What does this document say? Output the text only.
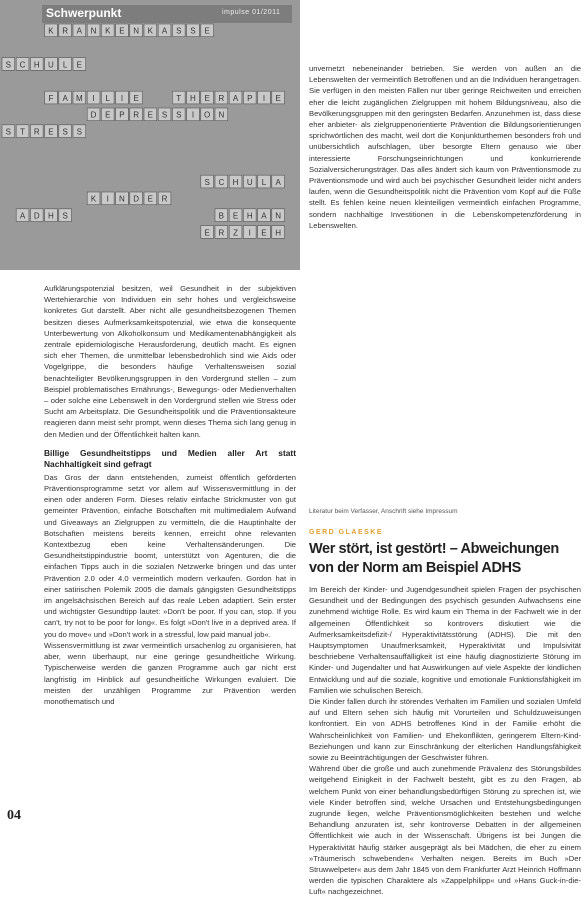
K R A N K E N K A S S E
S C H U L E
F A M I L I E	T H E R A P I E
D E P R E S S I O N
S T R E S S
S C H U L A
K I N D E R
A D H S
E R Z I E H
B E H A N
Schwerpunkt	impulse 01/2011

Aufklärungspotenzial besitzen, weil Gesundheit in der subjektiven Wertehierarchie von Individuen ein sehr hohes und vergleichsweise konkretes Gut darstellt. Aber nicht alle gesundheitsbezogenen Themen besitzen dieses Aufmerksamkeitspotenzial, wie etwa die konsequente Unterbewertung von Alkoholkonsum und Medikamentenabhängigkeit als zentrale epidemiologische Herausforderung, deutlich macht. Es eignen sich eher Themen, die unmittelbar lebensbedrohlich sind wie Aids oder Vogelgrippe, die besonders häufige Verhaltensweisen sozial benachteiligter Bevölkerungsgruppen in den Vordergrund stellen – zum Beispiel problematisches Ernährungs-, Bewegungs- oder Medienverhalten – oder solche eine Lebenswelt in den Vordergrund stellen wie Stress oder Sucht am Arbeitsplatz. Die Gesundheitspolitik und die Präventionsakteure reagieren dann meist sehr prompt, wenn dieses Thema sich lang genug in den Medien und der Öffentlichkeit halten kann.

Billige Gesundheitstipps und Medien aller Art statt Nachhaltigkeit sind gefragt

Das Gros der dann entstehenden, zumeist öffentlich geförderten Präventionsprogramme setzt vor allem auf Wissensvermittlung in der einen oder anderen Form. Dieses relativ einfache Strickmuster von gut gemeinter Prävention, einfache Botschaften mit multimedialem Aufwand und Giveaways an Zielgruppen zu vermitteln, die die Hauptinhalte der Botschaften meistens bereits kennen, erreicht ohne relevanten Kontextbezug eben keine Verhaltensänderungen. Die Gesundheitstippindustrie boomt, unterstützt von Agenturen, die die einfachen Tipps auch in die sozialen Netzwerke bringen und das unter Prävention 2.0 oder 4.0 vermeintlich modern verkaufen. Gordon hat in einer satirischen Polemik 2005 die damals gängigsten Gesundheitstipps im angelsächsischen Bereich auf das reale Leben adaptiert. Sein erster und wichtigster Gesundtipp lautet: »Don't be poor. If you can, stop. If you can't, try not to be poor for long«. Es folgt »Don't live in a deprived area. If you do move« und »Don't work in a stressful, low paid manual job«.

Wissensvermittlung ist zwar vermeintlich ursachenlog zu organisieren, hat aber, wenn überhaupt, nur eine geringe gesundheitliche Wirkung. Typischerweise werden die ganzen Programme auch gar nicht erst langfristig im Hinblick auf gesundheitliche Wirkungen evaluiert. Die meisten der unzähligen Programme zur Prävention werden monothematisch und

unvernetzt nebeneinander betrieben. Sie werden von außen an die Lebenswelten der vermeintlich Betroffenen und an die Individuen herangetragen. Sie verfügen in den meisten Fällen nur über geringe Reichweiten und erreichen eher die leicht zugänglichen Zielgruppen mit hohem Bildungsniveau, also die Bevölkerungsgruppen mit den geringsten Bedarfen. Anzunehmen ist, dass diese eher anbieter- als zielgruppenorientierte Prävention die Bildungsorientierungen sprichwörtlichen des macht, weil dort die Konjunkturthemen besonders froh und unübersichtlich aufschlagen, über besorgte Eltern genauso wie über interessierte Forschungseinrichtungen und konkurrierende Sozialversicherungsträger. Das alles ändert sich kaum von Präventionsmode zu Präventionsmode und wird auch bei psychischer Gesundheit leider nicht anders laufen, wenn die Gesundheitspolitik nicht die Prävention vom Kopf auf die Füße stellt. Es fehlen keine neuen kleinteiligen vermeintlich einfachen Programme, sondern nachhaltige Investitionen in die Lebenskompetenzförderung in Lebenswelten.

Literatur beim Verfasser, Anschrift siehe Impressum
GERD GLAESKE
Wer stört, ist gestört! – Abweichungen von der Norm am Beispiel ADHS

Im Bereich der Kinder- und Jugendgesundheit spielen Fragen der psychischen Gesundheit und der Bedingungen des psychisch gesunden Aufwachsens eine zunehmend wichtige Rolle. Es wird kaum ein Thema in der Fachwelt wie in der allgemeinen Öffentlichkeit so kontrovers diskutiert wie die Aufmerksamkeitsdefizit-/ Hyperaktivitätsstörung (ADHS). Die mit den Hauptsymptomen Unaufmerksamkeit, Hyperaktivität und Impulsivität beschriebene Verhaltensauffälligkeit ist eine häufig diagnostizierte Störung im Kinder- und Jugendalter und hat Auswirkungen auf viele Aspekte der kindlichen Entwicklung und auf die soziale, kognitive und emotionale Funktionsfähigkeit im Familien wie schulischen Bereich.

Die Kinder fallen durch ihr störendes Verhalten im Familien und sozialen Umfeld auf und Eltern sehen sich häufig mit Vorurteilen und Schuldzuweisungen konfrontiert. Ein von ADHS betroffenes Kind in der Familie erhöht die Wahrscheinlichkeit von Familien- und Ehekonflikten, geringerem Eltern-Kind-Beziehungen und kann zur Einschränkung der elterlichen Handlungsfähigkeit sowie zu Beeinträchtigungen der Geschwister führen.

Während über die große und auch zunehmende Prävalenz des Störungsbildes weitgehend Einigkeit in der Fachwelt besteht, gibt es zu den Fragen, ab welchem Punkt von einer behandlungsbedürftigen Störung zu sprechen ist, wie viele Kinder betroffen sind, welche Ursachen und Entstehungsbedingungen zugrunde liegen, welche Präventionsmöglichkeiten bestehen und welche Behandlung anzuraten ist, sehr kontroverse Debatten in der allgemeinen Öffentlichkeit wie auch in der Wissenschaft. Übrigens ist bei Jungen die Hyperaktivität häufig stärker ausgeprägt als bei Mädchen, die eher zu einem »Träumerisch schwebenden« Verhalten neigen. Bereits im Buch »Der Struwwelpeter« aus dem Jahr 1845 von dem Frankfurter Arzt Heinrich Hoffmann werden die typischen Charaktere als »Zappelphilipp« und »Hans Guck-in-die-Luft« nachgezeichnet.

04
